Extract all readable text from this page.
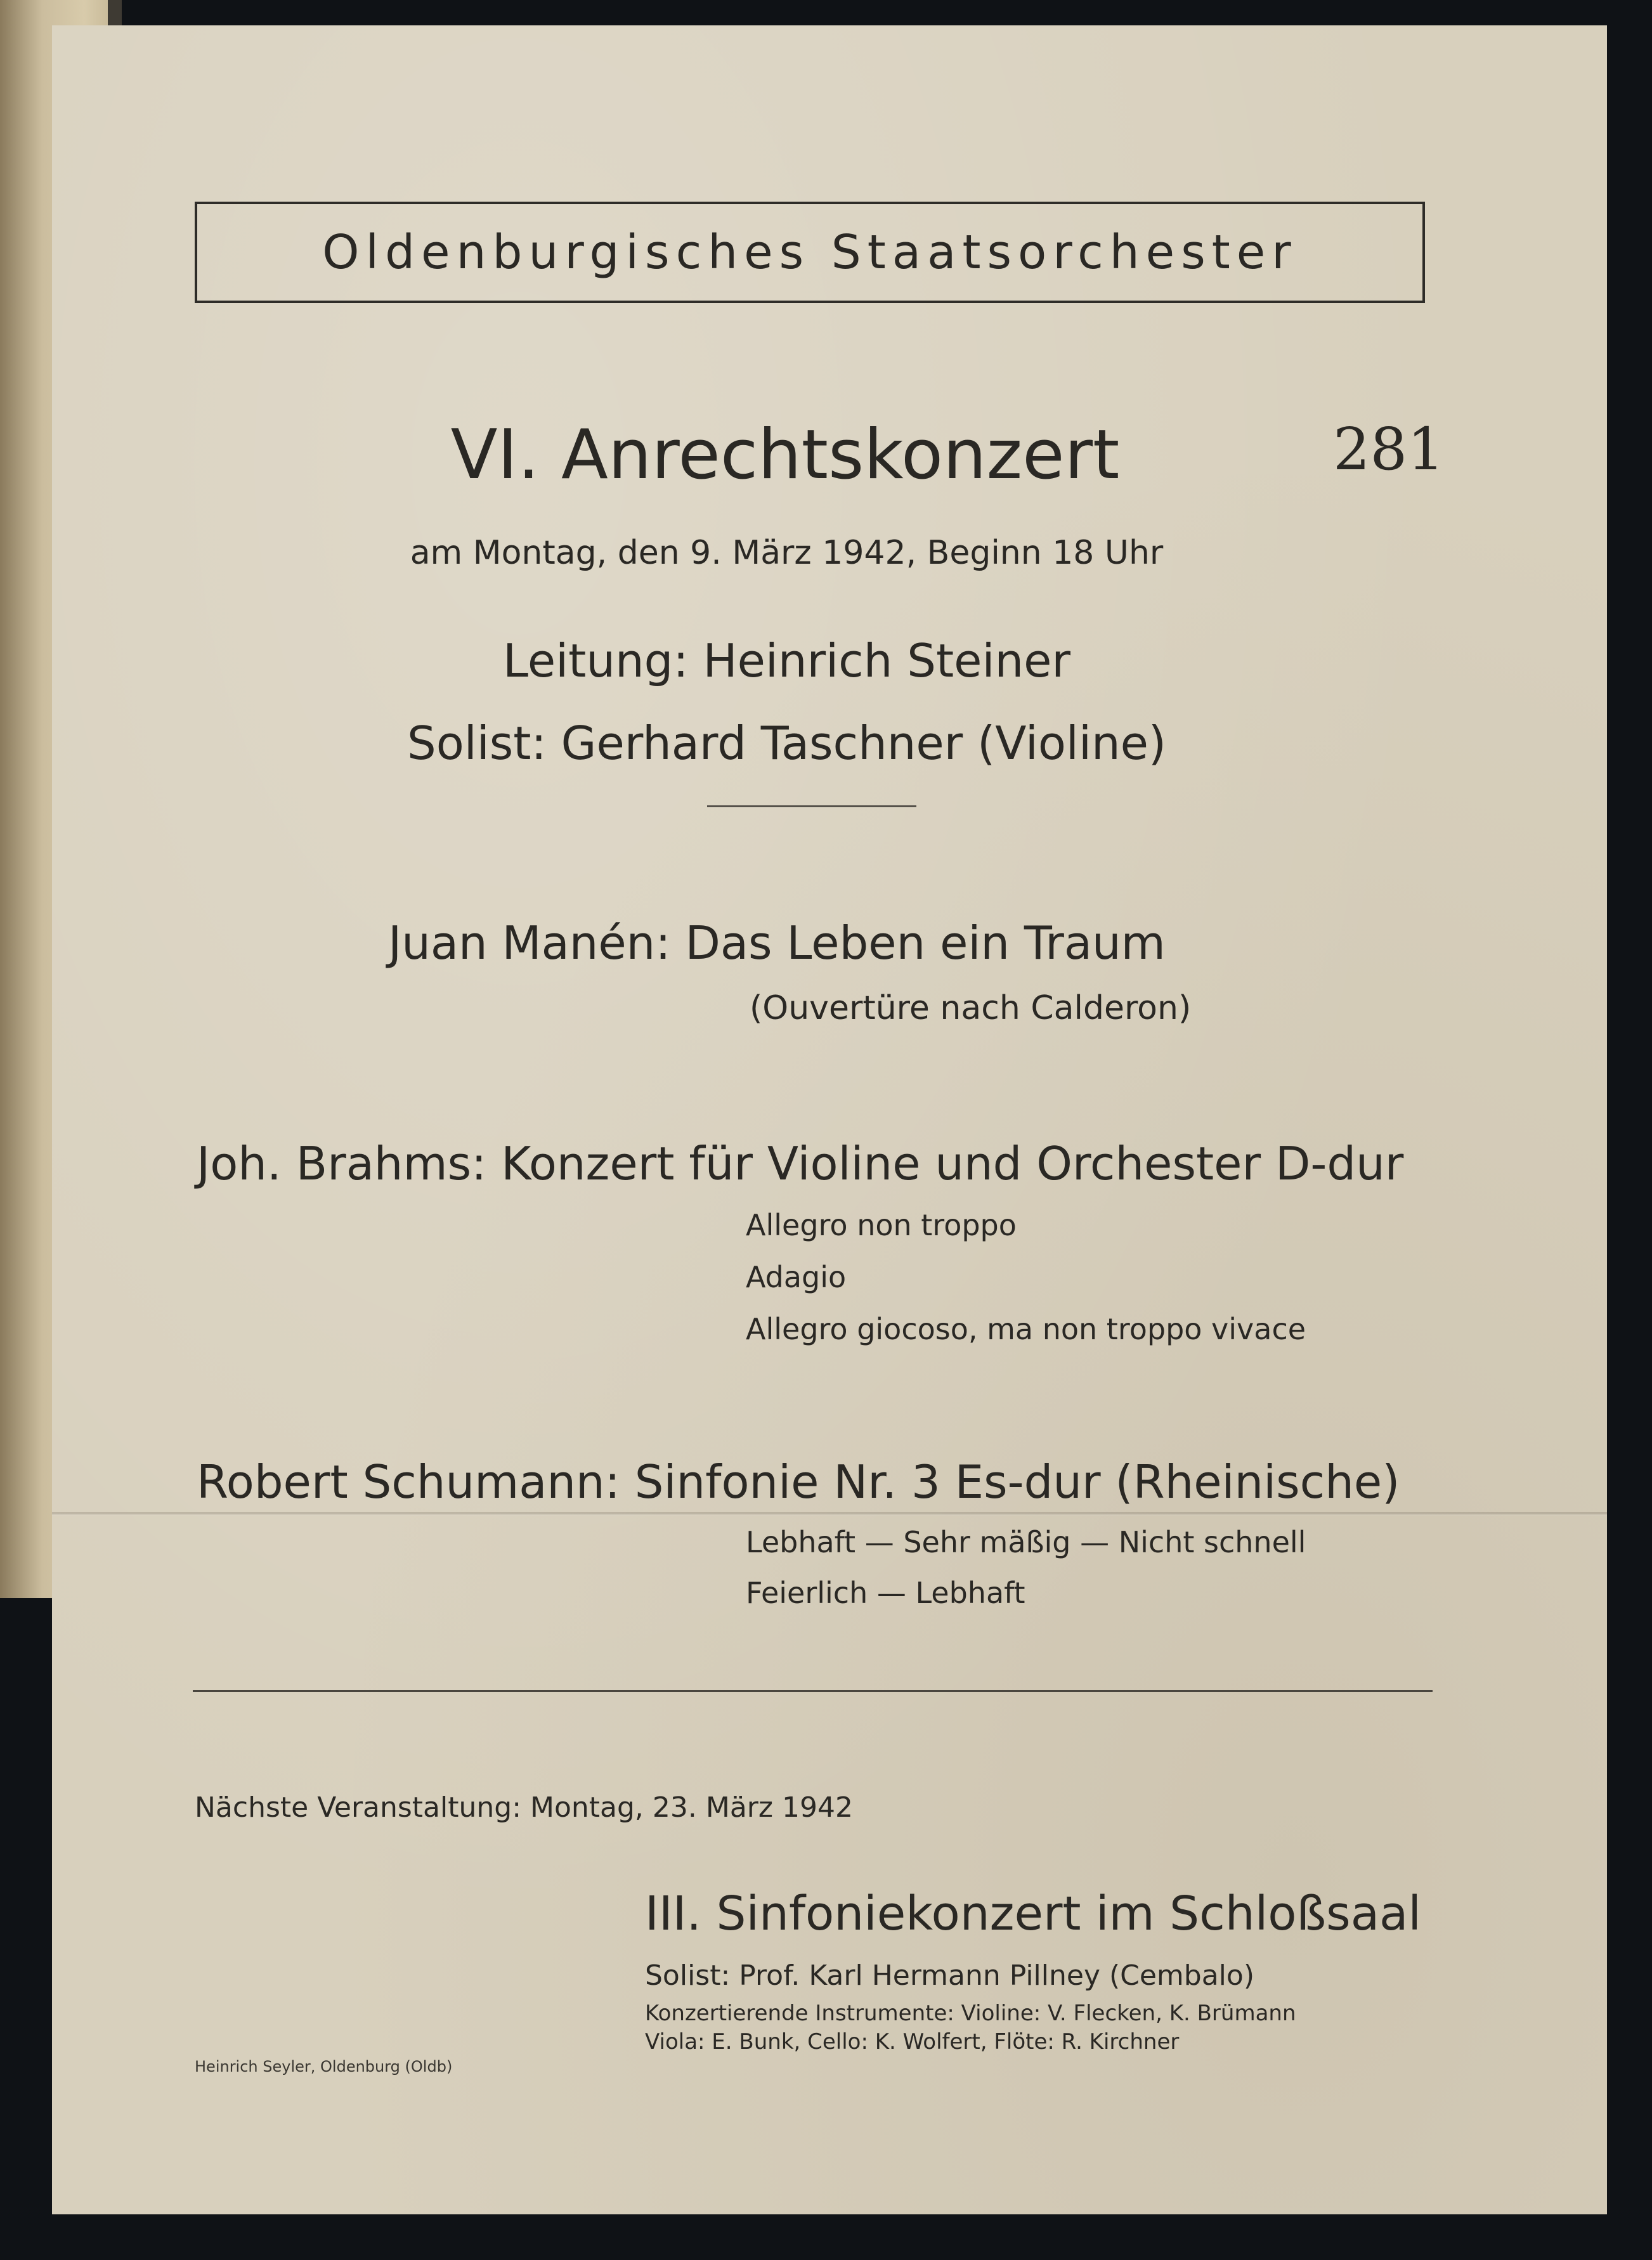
Oldenburgisches Staatsorchester
VI. Anrechtskonzert	281
am Montag, den 9. März 1942, Beginn 18 Uhr
Leitung: Heinrich Steiner
Solist: Gerhard Taschner (Violine)
Juan Manén: Das Leben ein Traum
(Ouvertüre nach Calderon)
Joh. Brahms: Konzert für Violine und Orchester D-dur
Allegro non troppo
Adagio
Allegro giocoso, ma non troppo vivace
Robert Schumann: Sinfonie Nr. 3 Es-dur (Rheinische)
Lebhaft — Sehr mäßig — Nicht schnell
Feierlich — Lebhaft
Nächste Veranstaltung: Montag, 23. März 1942
III. Sinfoniekonzert im Schloßsaal
Solist: Prof. Karl Hermann Pillney (Cembalo)
Konzertierende Instrumente: Violine: V. Flecken, K. Brümann
Viola: E. Bunk, Cello: K. Wolfert, Flöte: R. Kirchner
Heinrich Seyler, Oldenburg (Oldb)
